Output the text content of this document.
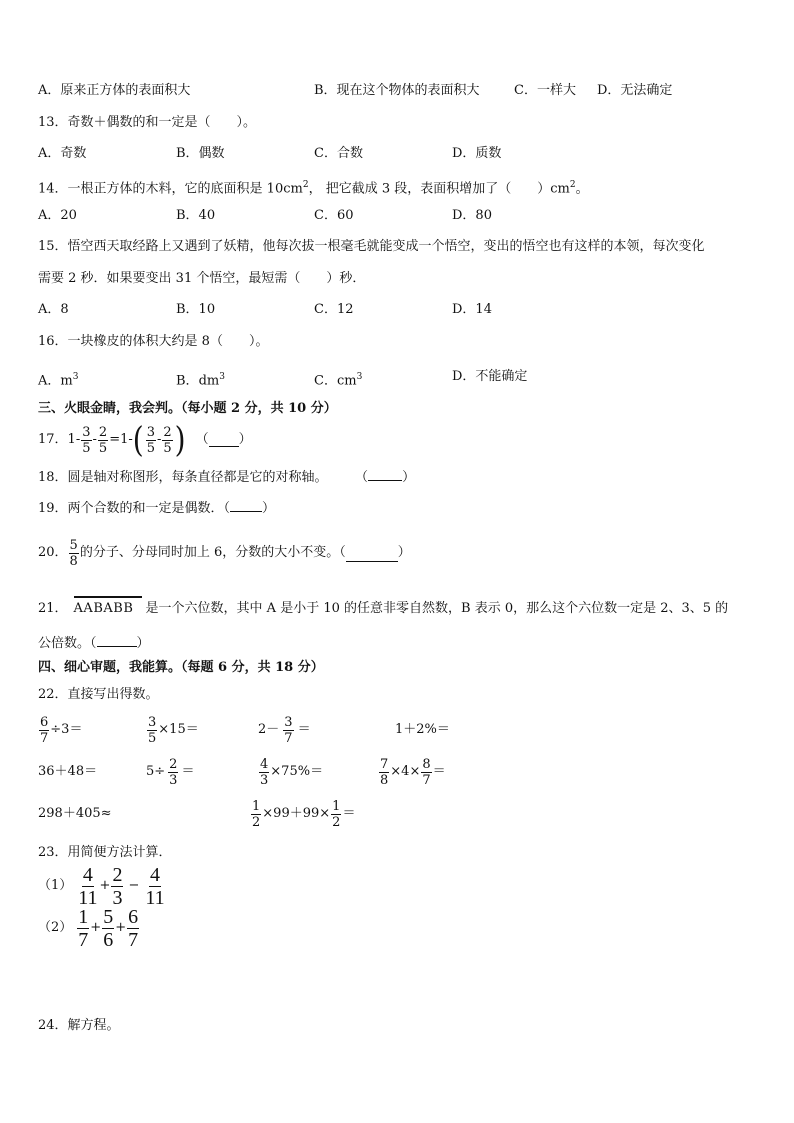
A．原来正方体的表面积大	B．现在这个物体的表面积大	C．一样大 D．无法确定
13．奇数＋偶数的和一定是（　　）。
A．奇数	B．偶数	C．合数	D．质数
14．一根正方体的木料，它的底面积是 $10cm^2$， 把它截成 3 段，表面积增加了（　　）$cm^2$。
A．20	B．40	C．60	D．80
15．悟空西天取经路上又遇到了妖精，他每次拔一根毫毛就能变成一个悟空，变出的悟空也有这样的本领，每次变化
需要 2 秒．如果要变出 31 个悟空，最短需（　　）秒．
A．8	B．10	C．12	D．14
16．一块橡皮的体积大约是 8（　　）。
A．$m^3$	B．$dm^3$	C．$cm^3$	D．不能确定
三、火眼金睛，我会判。（每小题 2 分，共 10 分）
17． $1- \frac{3}{5} - \frac{2}{5} =1-$ ( $\frac{3}{5} - \frac{2}{5}$ ) （ ）
18．圆是轴对称图形，每条直径都是它的对称轴。	（	）
19．两个合数的和一定是偶数．（ ）
20． $\frac{5}{8}$ 的分子、分母同时加上 6，分数的大小不变。（	）
21． AABABB 是一个六位数，其中 A 是小于 10 的任意非零自然数，B 表示 0，那么这个六位数一定是 2、3、5 的
公倍数。（	）
四、细心审题，我能算。（每题 6 分，共 18 分）
22．直接写出得数。
$\frac{6}{7} \div 3=$	$\frac{3}{5} \times 15=$	$2- \frac{3}{7}$ ＝	1＋2%＝
36＋48＝	$5\div \frac{2}{3}$ ＝	$\frac{4}{3} \times 75\%=$	$\frac{7}{8} \times 4\times \frac{8}{7}$ ＝
298＋405≈	$\frac{1}{2} \times 99+99\times \frac{1}{2}$ ＝
23．用简便方法计算．
$(1) \frac{4}{11} + \frac{2}{3} - \frac{4}{11}$
$(2) \frac{1}{7} + \frac{5}{6} + \frac{6}{7}$
24．解方程。
